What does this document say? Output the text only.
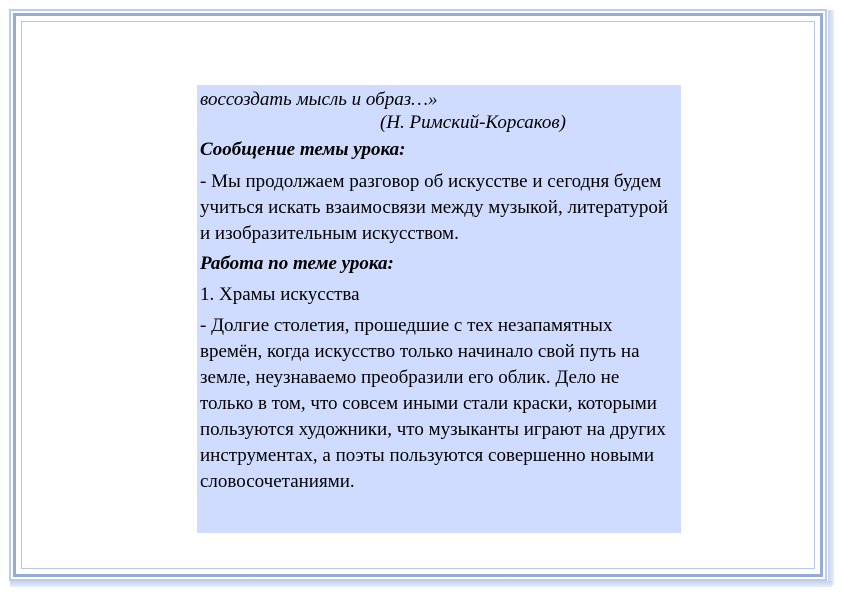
воссоздать мысль и образ…»

(Н. Римский-Корсаков)

Сообщение темы урока:

- Мы продолжаем разговор об искусстве и сегодня будем учиться искать взаимосвязи между музыкой, литературой и изобразительным искусством.

Работа по теме урока:

1. Храмы искусства

- Долгие столетия, прошедшие с тех незапамятных времён, когда искусство только начинало свой путь на земле, неузнаваемо преобразили его облик. Дело не только в том, что совсем иными стали краски, которыми пользуются художники, что музыканты играют на других инструментах, а поэты пользуются совершенно новыми словосочетаниями.
